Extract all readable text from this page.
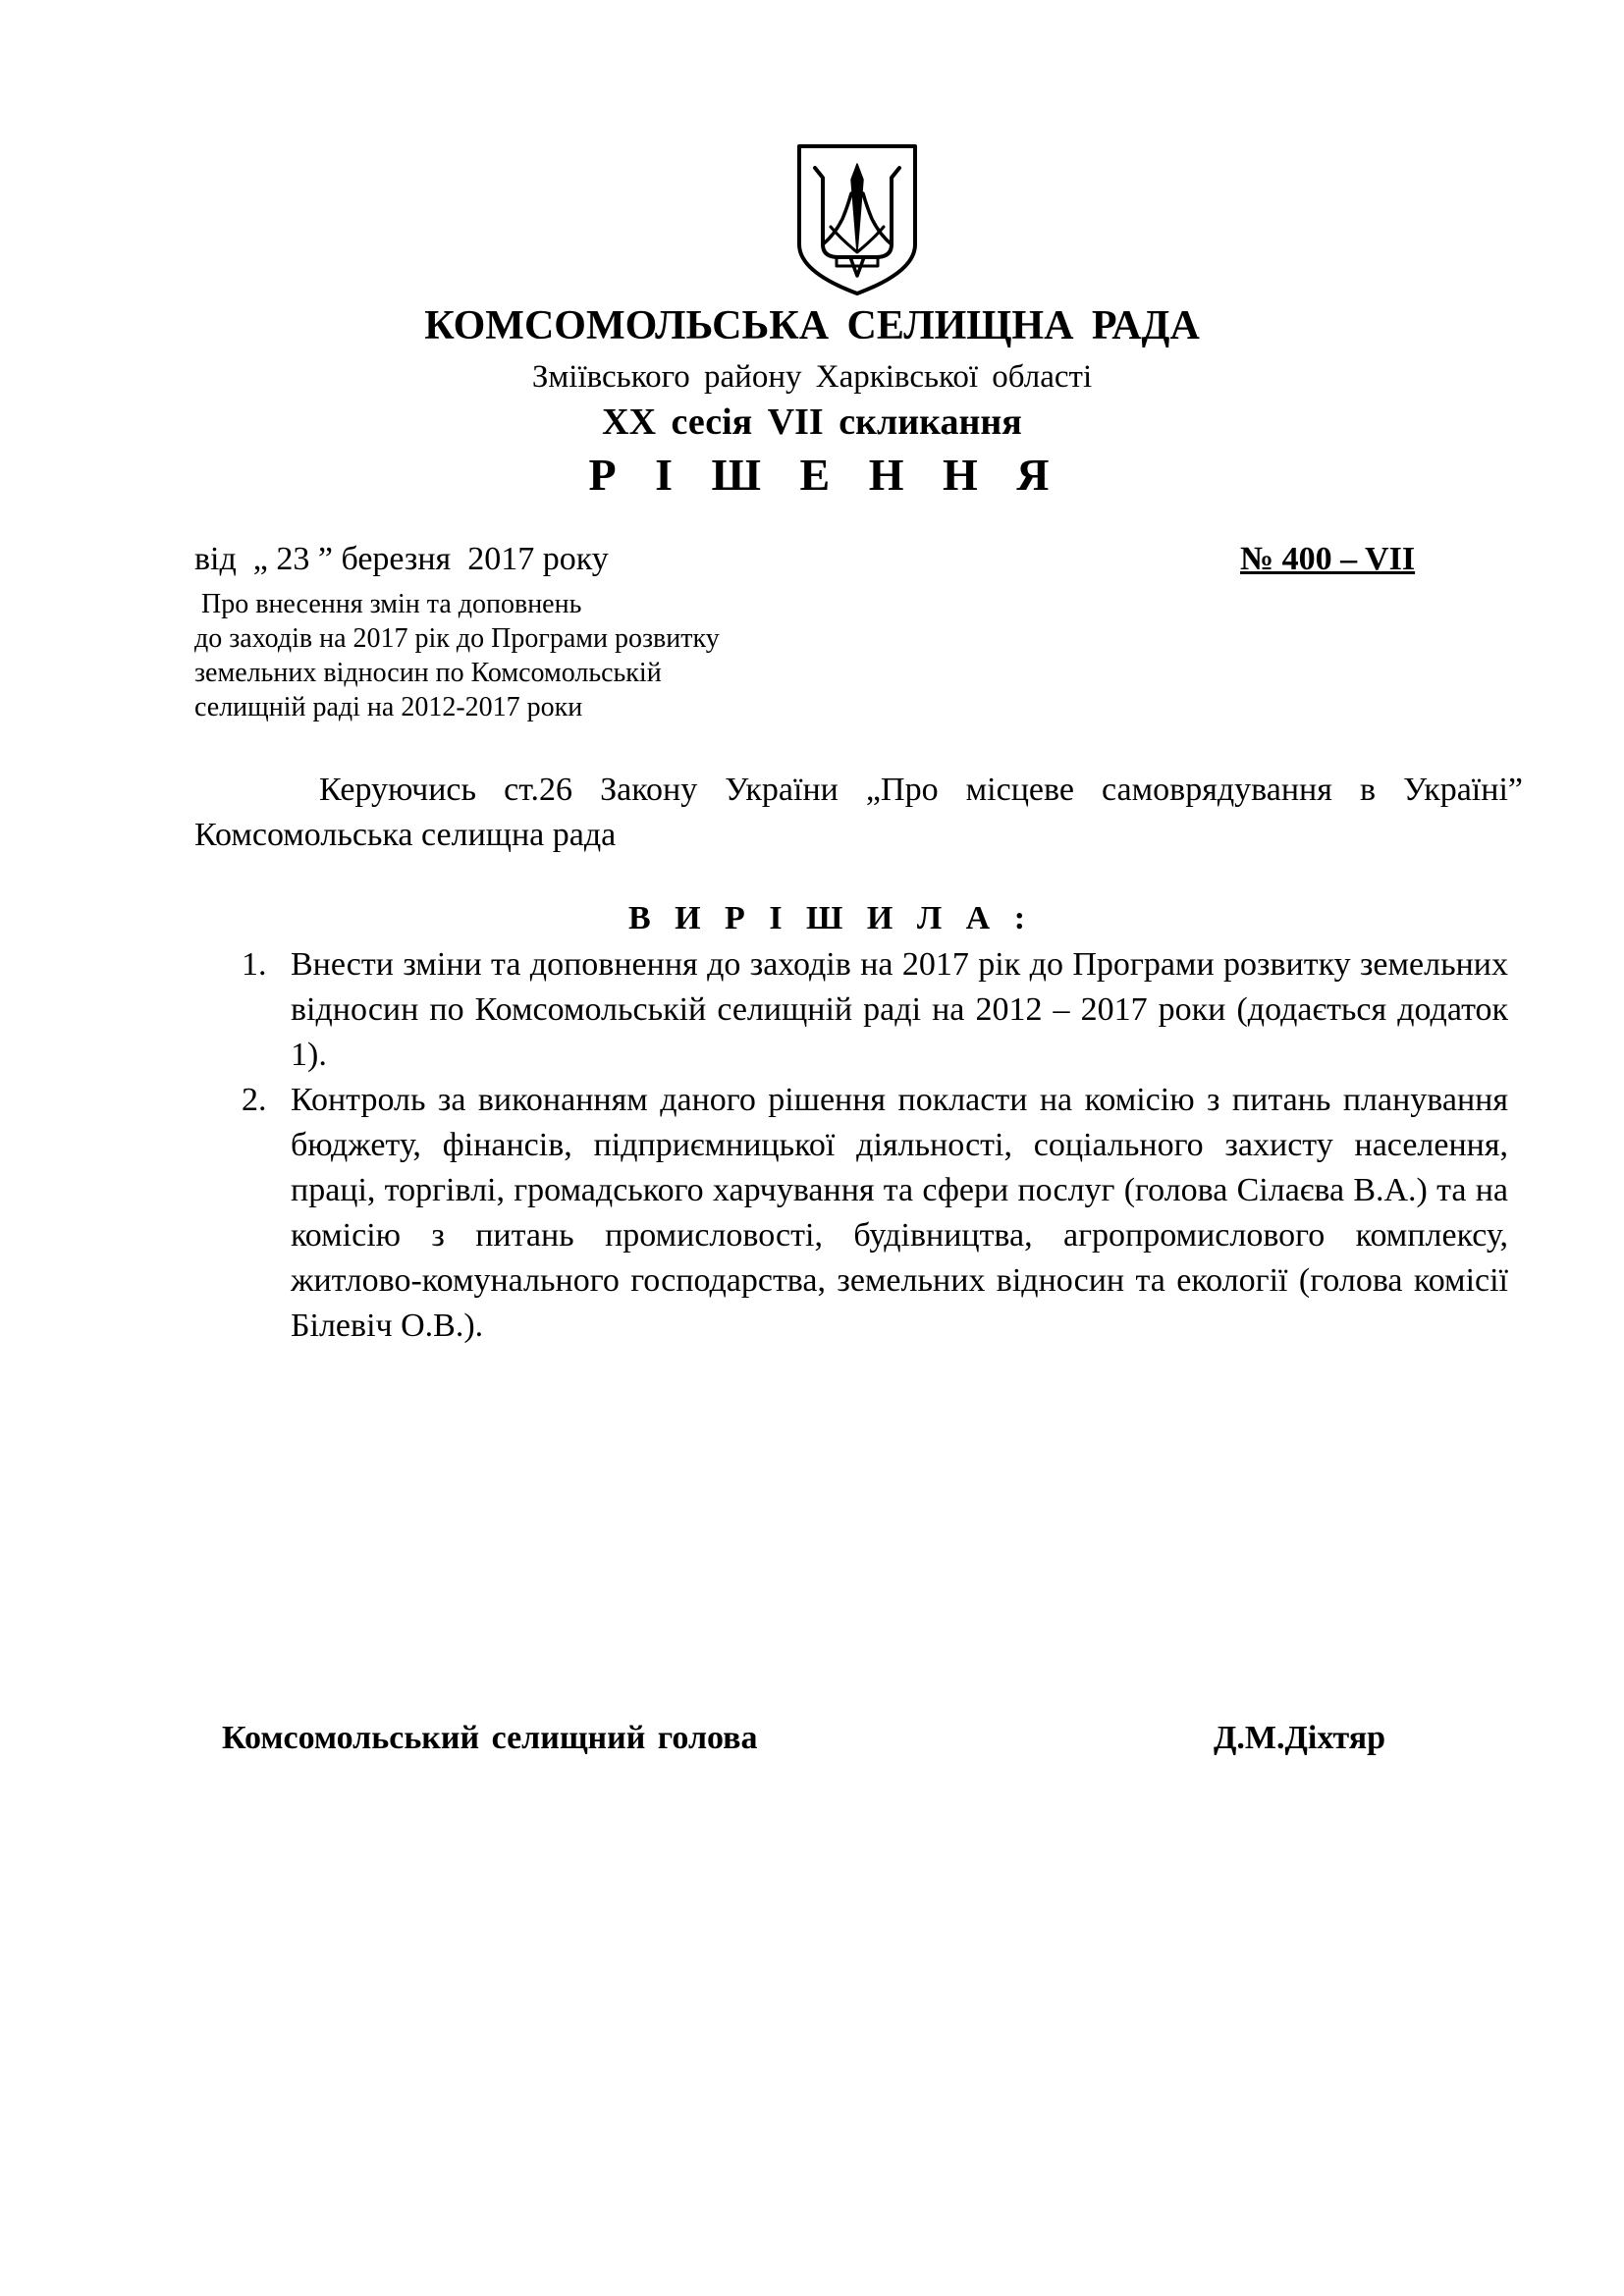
КОМСОМОЛЬСЬКА СЕЛИЩНА РАДА
Зміївського району Харківської області
XX сесія VII скликання
Р І Ш Е Н Н Я
від  „ 23 ” березня  2017 року	№ 400 – VII
Про внесення змін та доповнень
до заходів на 2017 рік до Програми розвитку
земельних відносин по Комсомольській
селищній раді на 2012-2017 роки
Керуючись ст.26 Закону України „Про місцеве самоврядування в Україні” Комсомольська селищна рада
В И Р І Ш И Л А :
1. Внести зміни та доповнення до заходів на 2017 рік до Програми розвитку земельних відносин по Комсомольській селищній раді на 2012 – 2017 роки (додається додаток 1).
2. Контроль за виконанням даного рішення покласти на комісію з питань планування бюджету, фінансів, підприємницької діяльності, соціального захисту населення, праці, торгівлі, громадського харчування та сфери послуг (голова Сілаєва В.А.) та на комісію з питань промисловості, будівництва, агропромислового комплексу, житлово-комунального господарства, земельних відносин та екології (голова комісії Білевіч О.В.).
Комсомольський селищний голова	Д.М.Діхтяр
